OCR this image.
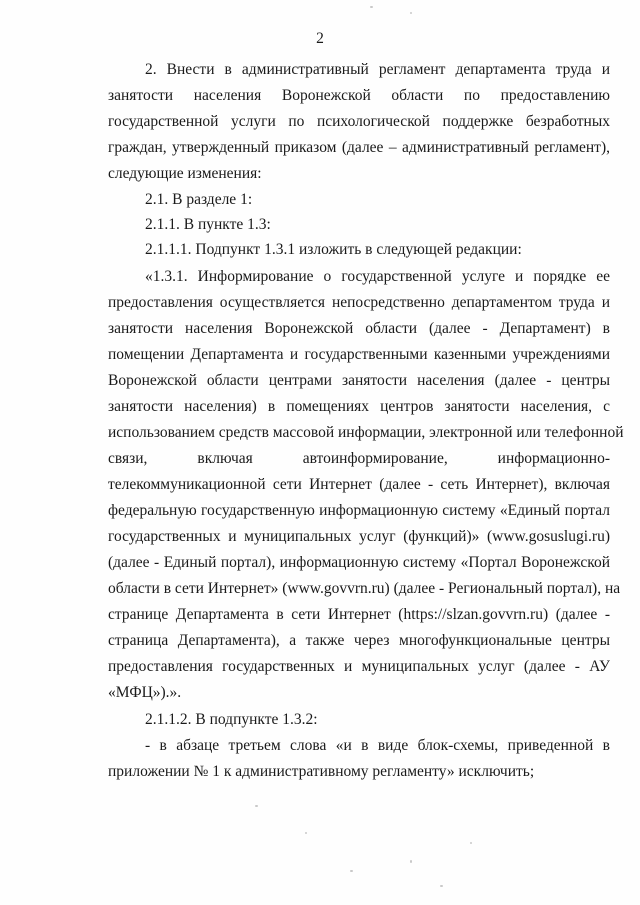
2
2. Внести в административный регламент департамента труда и
занятости населения Воронежской области по предоставлению
государственной услуги по психологической поддержке безработных
граждан, утвержденный приказом (далее – административный регламент),
следующие изменения:
2.1. В разделе 1:
2.1.1. В пункте 1.3:
2.1.1.1. Подпункт 1.3.1 изложить в следующей редакции:
«1.3.1. Информирование о государственной услуге и порядке ее
предоставления осуществляется непосредственно департаментом труда и
занятости населения Воронежской области (далее - Департамент) в
помещении Департамента и государственными казенными учреждениями
Воронежской области центрами занятости населения (далее - центры
занятости населения) в помещениях центров занятости населения, с
использованием средств массовой информации, электронной или телефонной
связи, включая автоинформирование, информационно-
телекоммуникационной сети Интернет (далее - сеть Интернет), включая
федеральную государственную информационную систему «Единый портал
государственных и муниципальных услуг (функций)» (www.gosuslugi.ru)
(далее - Единый портал), информационную систему «Портал Воронежской
области в сети Интернет» (www.govvrn.ru) (далее - Региональный портал), на
странице Департамента в сети Интернет (https://slzan.govvrn.ru) (далее -
страница Департамента), а также через многофункциональные центры
предоставления государственных и муниципальных услуг (далее - АУ
«МФЦ»).».
2.1.1.2. В подпункте 1.3.2:
- в абзаце третьем слова «и в виде блок-схемы, приведенной в
приложении № 1 к административному регламенту» исключить;
